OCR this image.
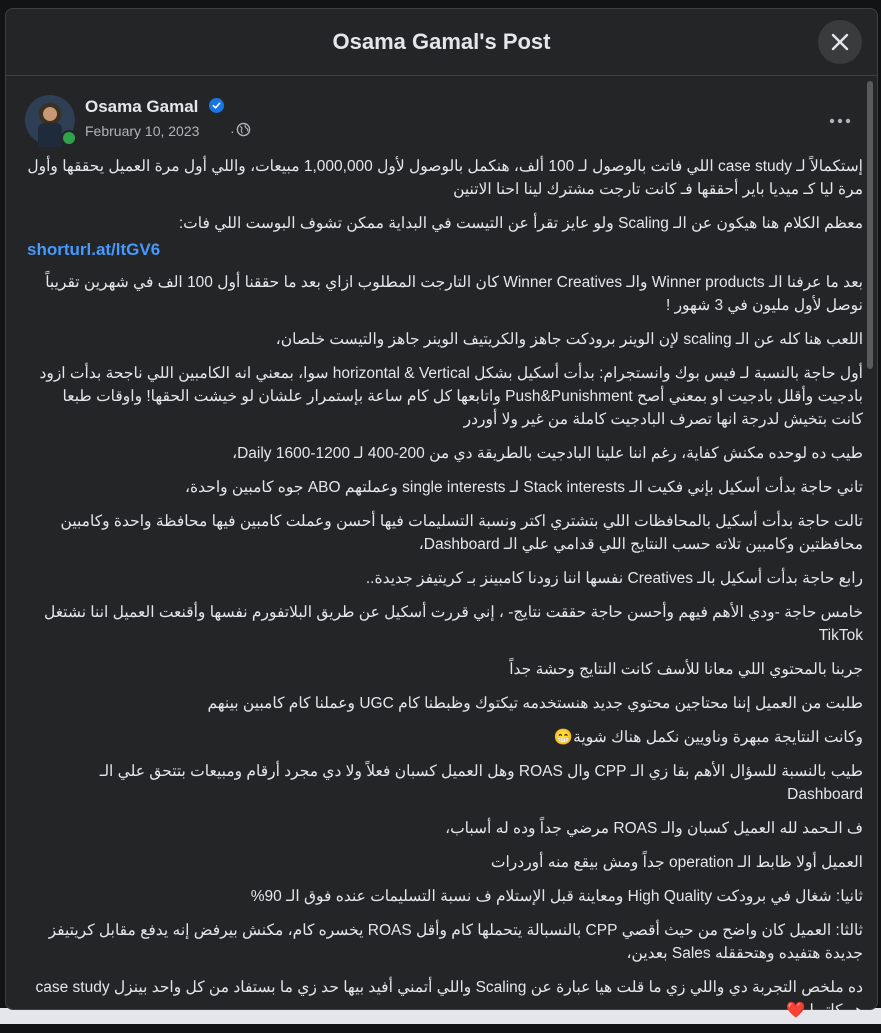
Osama Gamal's Post
Osama Gamal
February 10, 2023 ·

إستكمالاً لـ case study اللي فاتت بالوصول لـ 100 ألف، هنكمل بالوصول لأول 1,000,000 مبيعات، واللي أول مرة العميل يحققها وأول مرة ليا كـ ميديا باير أحققها فـ كانت تارجت مشترك لينا احنا الاتنين

معظم الكلام هنا هيكون عن الـ Scaling ولو عايز تقرأ عن التيست في البداية ممكن تشوف البوست اللي فات:

shorturl.at/ltGV6

بعد ما عرفنا الـ Winner products والـ Winner Creatives كان التارجت المطلوب ازاي بعد ما حققنا أول 100 الف في شهرين تقريباً نوصل لأول مليون في 3 شهور !

اللعب هنا كله عن الـ scaling لإن الوينر برودكت جاهز والكريتيف الوينر جاهز والتيست خلصان،

أول حاجة بالنسبة لـ فيس بوك وانستجرام: بدأت أسكيل بشكل horizontal & Vertical سوا، بمعني انه الكامبين اللي ناجحة بدأت ازود بادجيت وأقلل بادجيت او بمعني أصح Push&Punishment واتابعها كل كام ساعة بإستمرار علشان لو خيشت الحقها! واوقات طبعا كانت بتخيش لدرجة انها تصرف البادجيت كاملة من غير ولا أوردر

طيب ده لوحده مكنش كفاية، رغم اننا علينا البادجيت بالطريقة دي من 200-400 لـ 1200-1600 Daily،

تاني حاجة بدأت أسكيل بإني فكيت الـ Stack interests لـ single interests وعملتهم ABO جوه كامبين واحدة،

تالت حاجة بدأت أسكيل بالمحافظات اللي بتشتري اكتر ونسبة التسليمات فيها أحسن وعملت كامبين فيها محافظة واحدة وكامبين محافظتين وكامبين تلاته حسب النتايج اللي قدامي علي الـ Dashboard،

رابع حاجة بدأت أسكيل بالـ Creatives نفسها اننا زودنا كامبينز بـ كريتيفز جديدة..

خامس حاجة -ودي الأهم فيهم وأحسن حاجة حققت نتايج- ، إني قررت أسكيل عن طريق البلاتفورم نفسها وأقنعت العميل اننا نشتغل TikTok

جربنا بالمحتوي اللي معانا للأسف كانت النتايج وحشة جداً

طلبت من العميل إننا محتاجين محتوي جديد هنستخدمه تيكتوك وظبطنا كام UGC وعملنا كام كامبين بينهم

وكانت النتايجة مبهرة وناويين نكمل هناك شوية😁

طيب بالنسبة للسؤال الأهم بقا زي الـ CPP وال ROAS وهل العميل كسبان فعلاً ولا دي مجرد أرقام ومبيعات بتتحق علي الـ Dashboard

ف الـحمد لله العميل كسبان والـ ROAS مرضي جداً وده له أسباب،

العميل أولا ظابط الـ operation جداً ومش بيقع منه أوردرات

ثانيا: شغال في برودكت High Quality ومعاينة قبل الإستلام ف نسبة التسليمات عنده فوق الـ 90%

ثالثا: العميل كان واضح من حيث أقصي CPP بالنسبالة يتحملها كام وأقل ROAS يخسره كام، مكنش بيرفض إنه يدفع مقابل كريتيفز جديدة هتفيده وهتحققله Sales بعدين،

ده ملخص التجربة دي واللي زي ما قلت هيا عبارة عن Scaling واللي أتمني أفيد بيها حد زي ما بستفاد من كل واحد بينزل case study هو كاتبها ❤️
